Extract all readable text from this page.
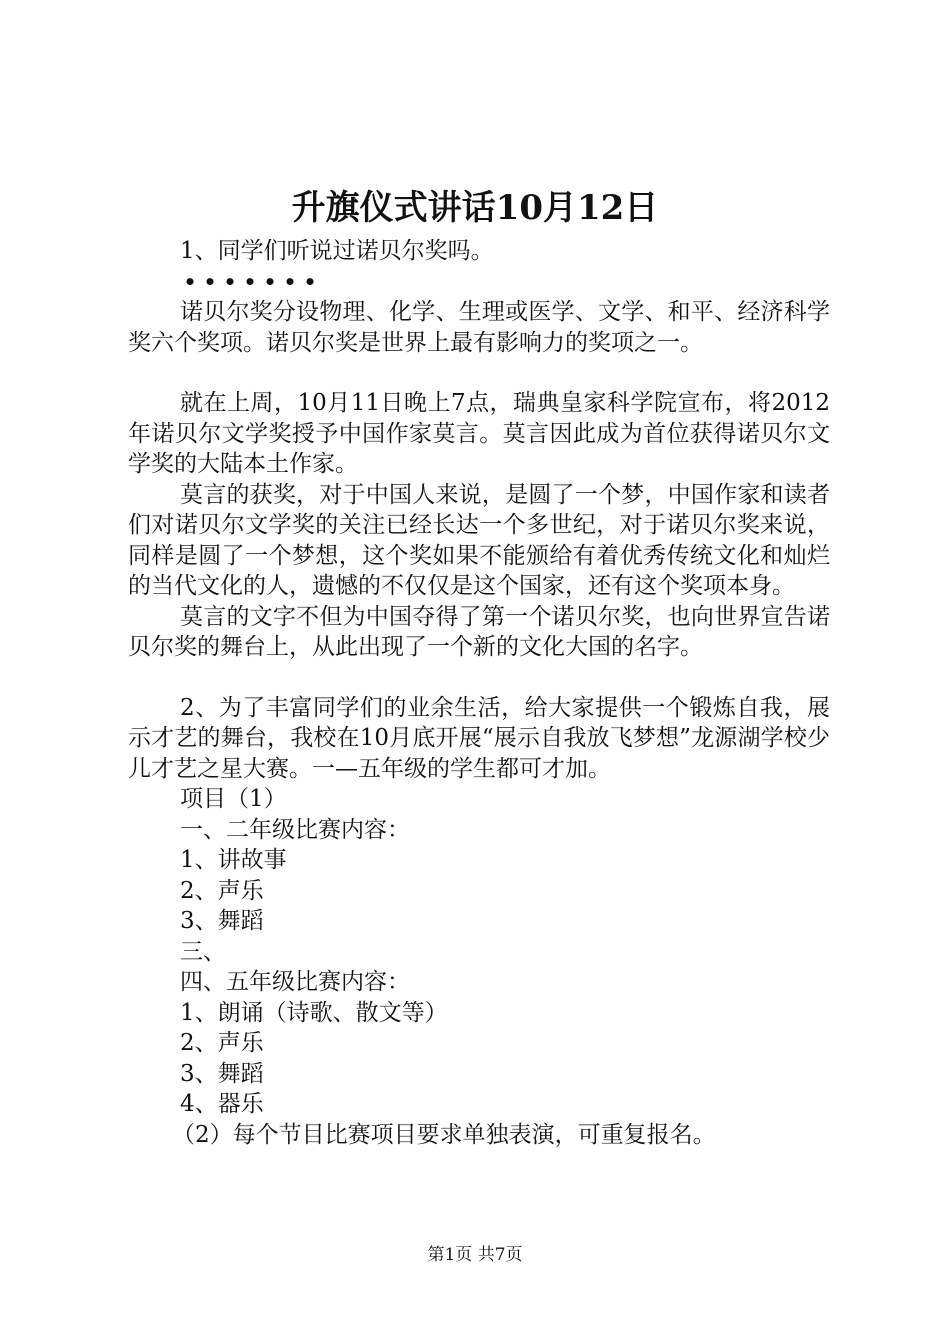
升旗仪式讲话10月12日

1、同学们听说过诺贝尔奖吗。

• • • • • • •

诺贝尔奖分设物理、化学、生理或医学、文学、和平、经济科学奖六个奖项。诺贝尔奖是世界上最有影响力的奖项之一。

就在上周，10月11日晚上7点，瑞典皇家科学院宣布，将2012年诺贝尔文学奖授予中国作家莫言。莫言因此成为首位获得诺贝尔文学奖的大陆本土作家。

莫言的获奖，对于中国人来说，是圆了一个梦，中国作家和读者们对诺贝尔文学奖的关注已经长达一个多世纪，对于诺贝尔奖来说，同样是圆了一个梦想，这个奖如果不能颁给有着优秀传统文化和灿烂的当代文化的人，遗憾的不仅仅是这个国家，还有这个奖项本身。

莫言的文字不但为中国夺得了第一个诺贝尔奖，也向世界宣告诺贝尔奖的舞台上，从此出现了一个新的文化大国的名字。

2、为了丰富同学们的业余生活，给大家提供一个锻炼自我，展示才艺的舞台，我校在10月底开展“展示自我放飞梦想”龙源湖学校少儿才艺之星大赛。一—五年级的学生都可才加。

项目（1）
一、二年级比赛内容：
1、讲故事
2、声乐
3、舞蹈
三、
四、五年级比赛内容：
1、朗诵（诗歌、散文等）
2、声乐
3、舞蹈
4、器乐
（2）每个节目比赛项目要求单独表演，可重复报名。
第1页 共7页
